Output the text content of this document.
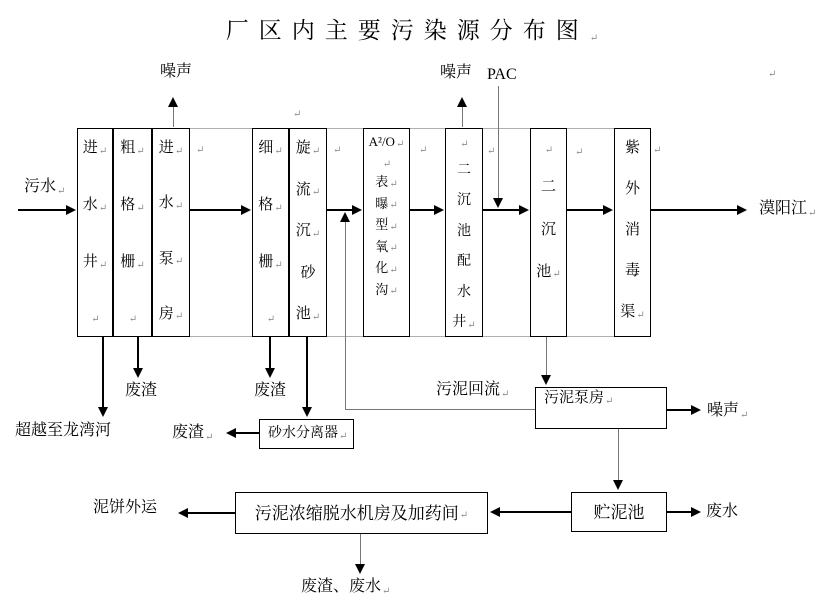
厂区内主要污染源分布图↵
进 ↵
水 ↵
井 ↵
↵
粗 ↵
格 ↵
栅 ↵
↵
进 ↵
水 ↵
泵 ↵
房 ↵
细 ↵
格 ↵
栅 ↵
↵
旋 ↵
流 ↵
沉 ↵
砂
池 ↵
A²/O ↵
↵
表 ↵
曝 ↵
型 ↵
氧 ↵
化 ↵
沟 ↵
↵
二
沉
池
配
水
井 ↵
↵
二
沉
池 ↵
紫
外
消
毒
渠 ↵
砂水分离器 ↵
污泥泵房 ↵
贮泥池
污泥浓缩脱水机房及加药间 ↵
污水↵
噪声	噪声 PAC
漠阳江↵
废渣	废渣
超越至龙湾河	废渣↵
污泥回流↵
噪声↵
废水
泥饼外运
废渣、废水↵
↵
↵
↵	↵	↵	↵	↵
↵
